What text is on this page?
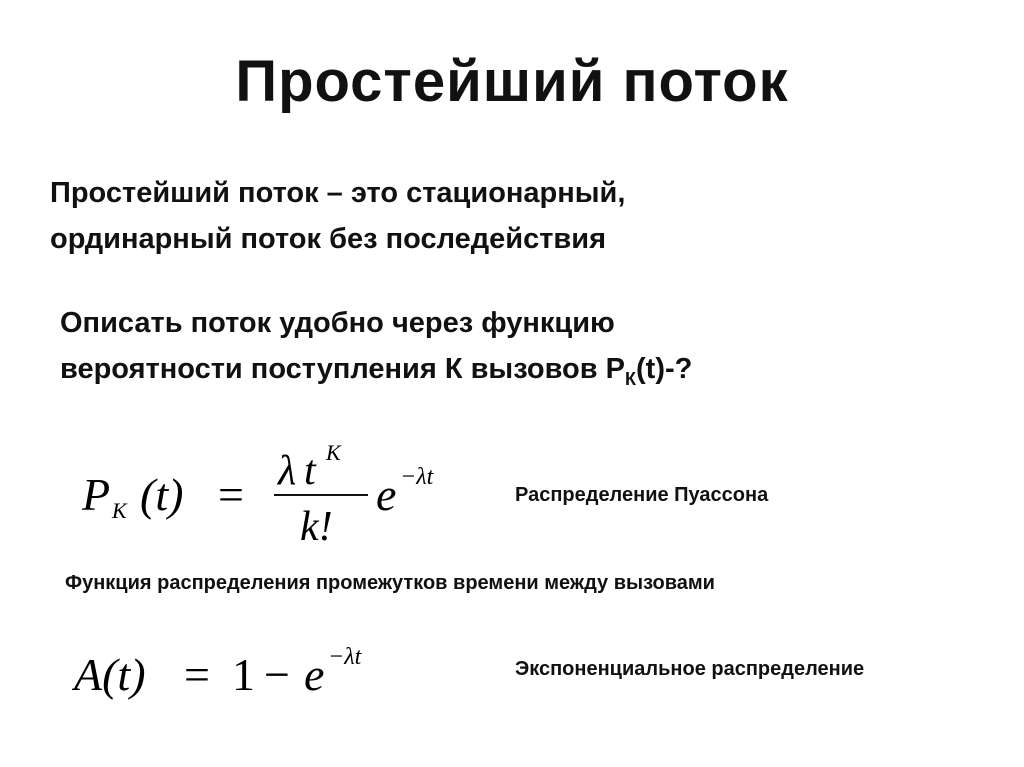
Простейший поток
Простейший поток – это стационарный,
ординарный поток без последействия
Описать поток удобно через функцию
вероятности поступления К вызовов $P_К(t)-$?
P K (t) = λ t K
k!
e −λt
Распределение Пуассона
Функция распределения промежутков времени между вызовами
A(t) = 1 − e −λt	Экспоненциальное распределение
